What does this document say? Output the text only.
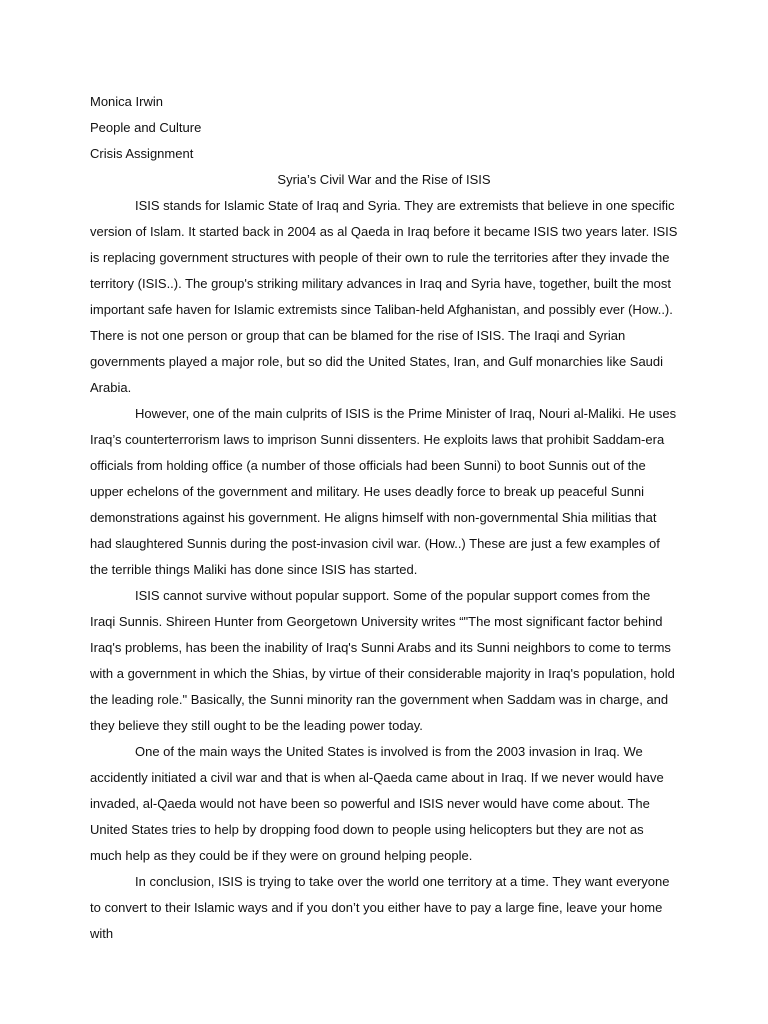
Monica Irwin

People and Culture

Crisis Assignment

Syria’s Civil War and the Rise of ISIS

ISIS stands for Islamic State of Iraq and Syria. They are extremists that believe in one specific version of Islam. It started back in 2004 as al Qaeda in Iraq before it became ISIS two years later. ISIS is replacing government structures with people of their own to rule the territories after they invade the territory (ISIS..). The group's striking military advances in Iraq and Syria have, together, built the most important safe haven for Islamic extremists since Taliban-held Afghanistan, and possibly ever (How..). There is not one person or group that can be blamed for the rise of ISIS. The Iraqi and Syrian governments played a major role, but so did the United States, Iran, and Gulf monarchies like Saudi Arabia.

However, one of the main culprits of ISIS is the Prime Minister of Iraq, Nouri al-Maliki. He uses Iraq’s counterterrorism laws to imprison Sunni dissenters. He exploits laws that prohibit Saddam-era officials from holding office (a number of those officials had been Sunni) to boot Sunnis out of the upper echelons of the government and military. He uses deadly force to break up peaceful Sunni demonstrations against his government. He aligns himself with non-governmental Shia militias that had slaughtered Sunnis during the post-invasion civil war. (How..) These are just a few examples of the terrible things Maliki has done since ISIS has started.

ISIS cannot survive without popular support. Some of the popular support comes from the Iraqi Sunnis. Shireen Hunter from Georgetown University writes “"The most significant factor behind Iraq's problems, has been the inability of Iraq's Sunni Arabs and its Sunni neighbors to come to terms with a government in which the Shias, by virtue of their considerable majority in Iraq's population, hold the leading role." Basically, the Sunni minority ran the government when Saddam was in charge, and they believe they still ought to be the leading power today.

One of the main ways the United States is involved is from the 2003 invasion in Iraq. We accidently initiated a civil war and that is when al-Qaeda came about in Iraq. If we never would have invaded, al-Qaeda would not have been so powerful and ISIS never would have come about. The United States tries to help by dropping food down to people using helicopters but they are not as much help as they could be if they were on ground helping people.

In conclusion, ISIS is trying to take over the world one territory at a time. They want everyone to convert to their Islamic ways and if you don’t you either have to pay a large fine, leave your home with
